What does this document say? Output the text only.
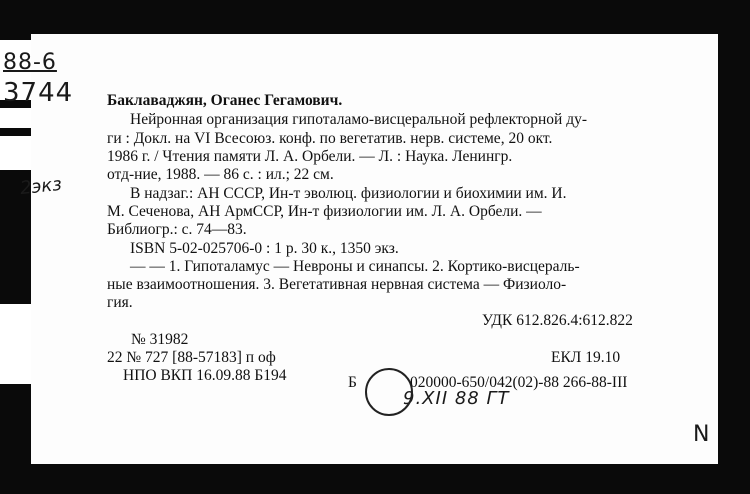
88-6
3744
2экз
9.XII 88 ГТ
N
Баклаваджян, Оганес Гегамович.
Нейронная организация гипоталамо-висцеральной рефлекторной ду-
ги : Докл. на VI Всесоюз. конф. по вегетатив. нерв. системе, 20 окт.
1986 г. / Чтения памяти Л. А. Орбели. — Л. : Наука. Ленингр.
отд-ние, 1988. — 86 с. : ил.; 22 см.
В надзаг.: АН СССР, Ин-т эволюц. физиологии и биохимии им. И.
М. Сеченова, АН АрмССР, Ин-т физиологии им. Л. А. Орбели. —
Библиогр.: с. 74—83.
ISBN 5-02-025706-0 : 1 р. 30 к., 1350 экз.
— — 1. Гипоталамус — Невроны и синапсы. 2. Кортико-висцераль-
ные взаимоотношения. 3. Вегетативная нервная система — Физиоло-
гия.
УДК 612.826.4:612.822
№ 31982
22 № 727 [88-57183] п оф	ЕКЛ 19.10
НПО ВКП 16.09.88 Б194	Б	020000-650/042(02)-88 266-88-III
